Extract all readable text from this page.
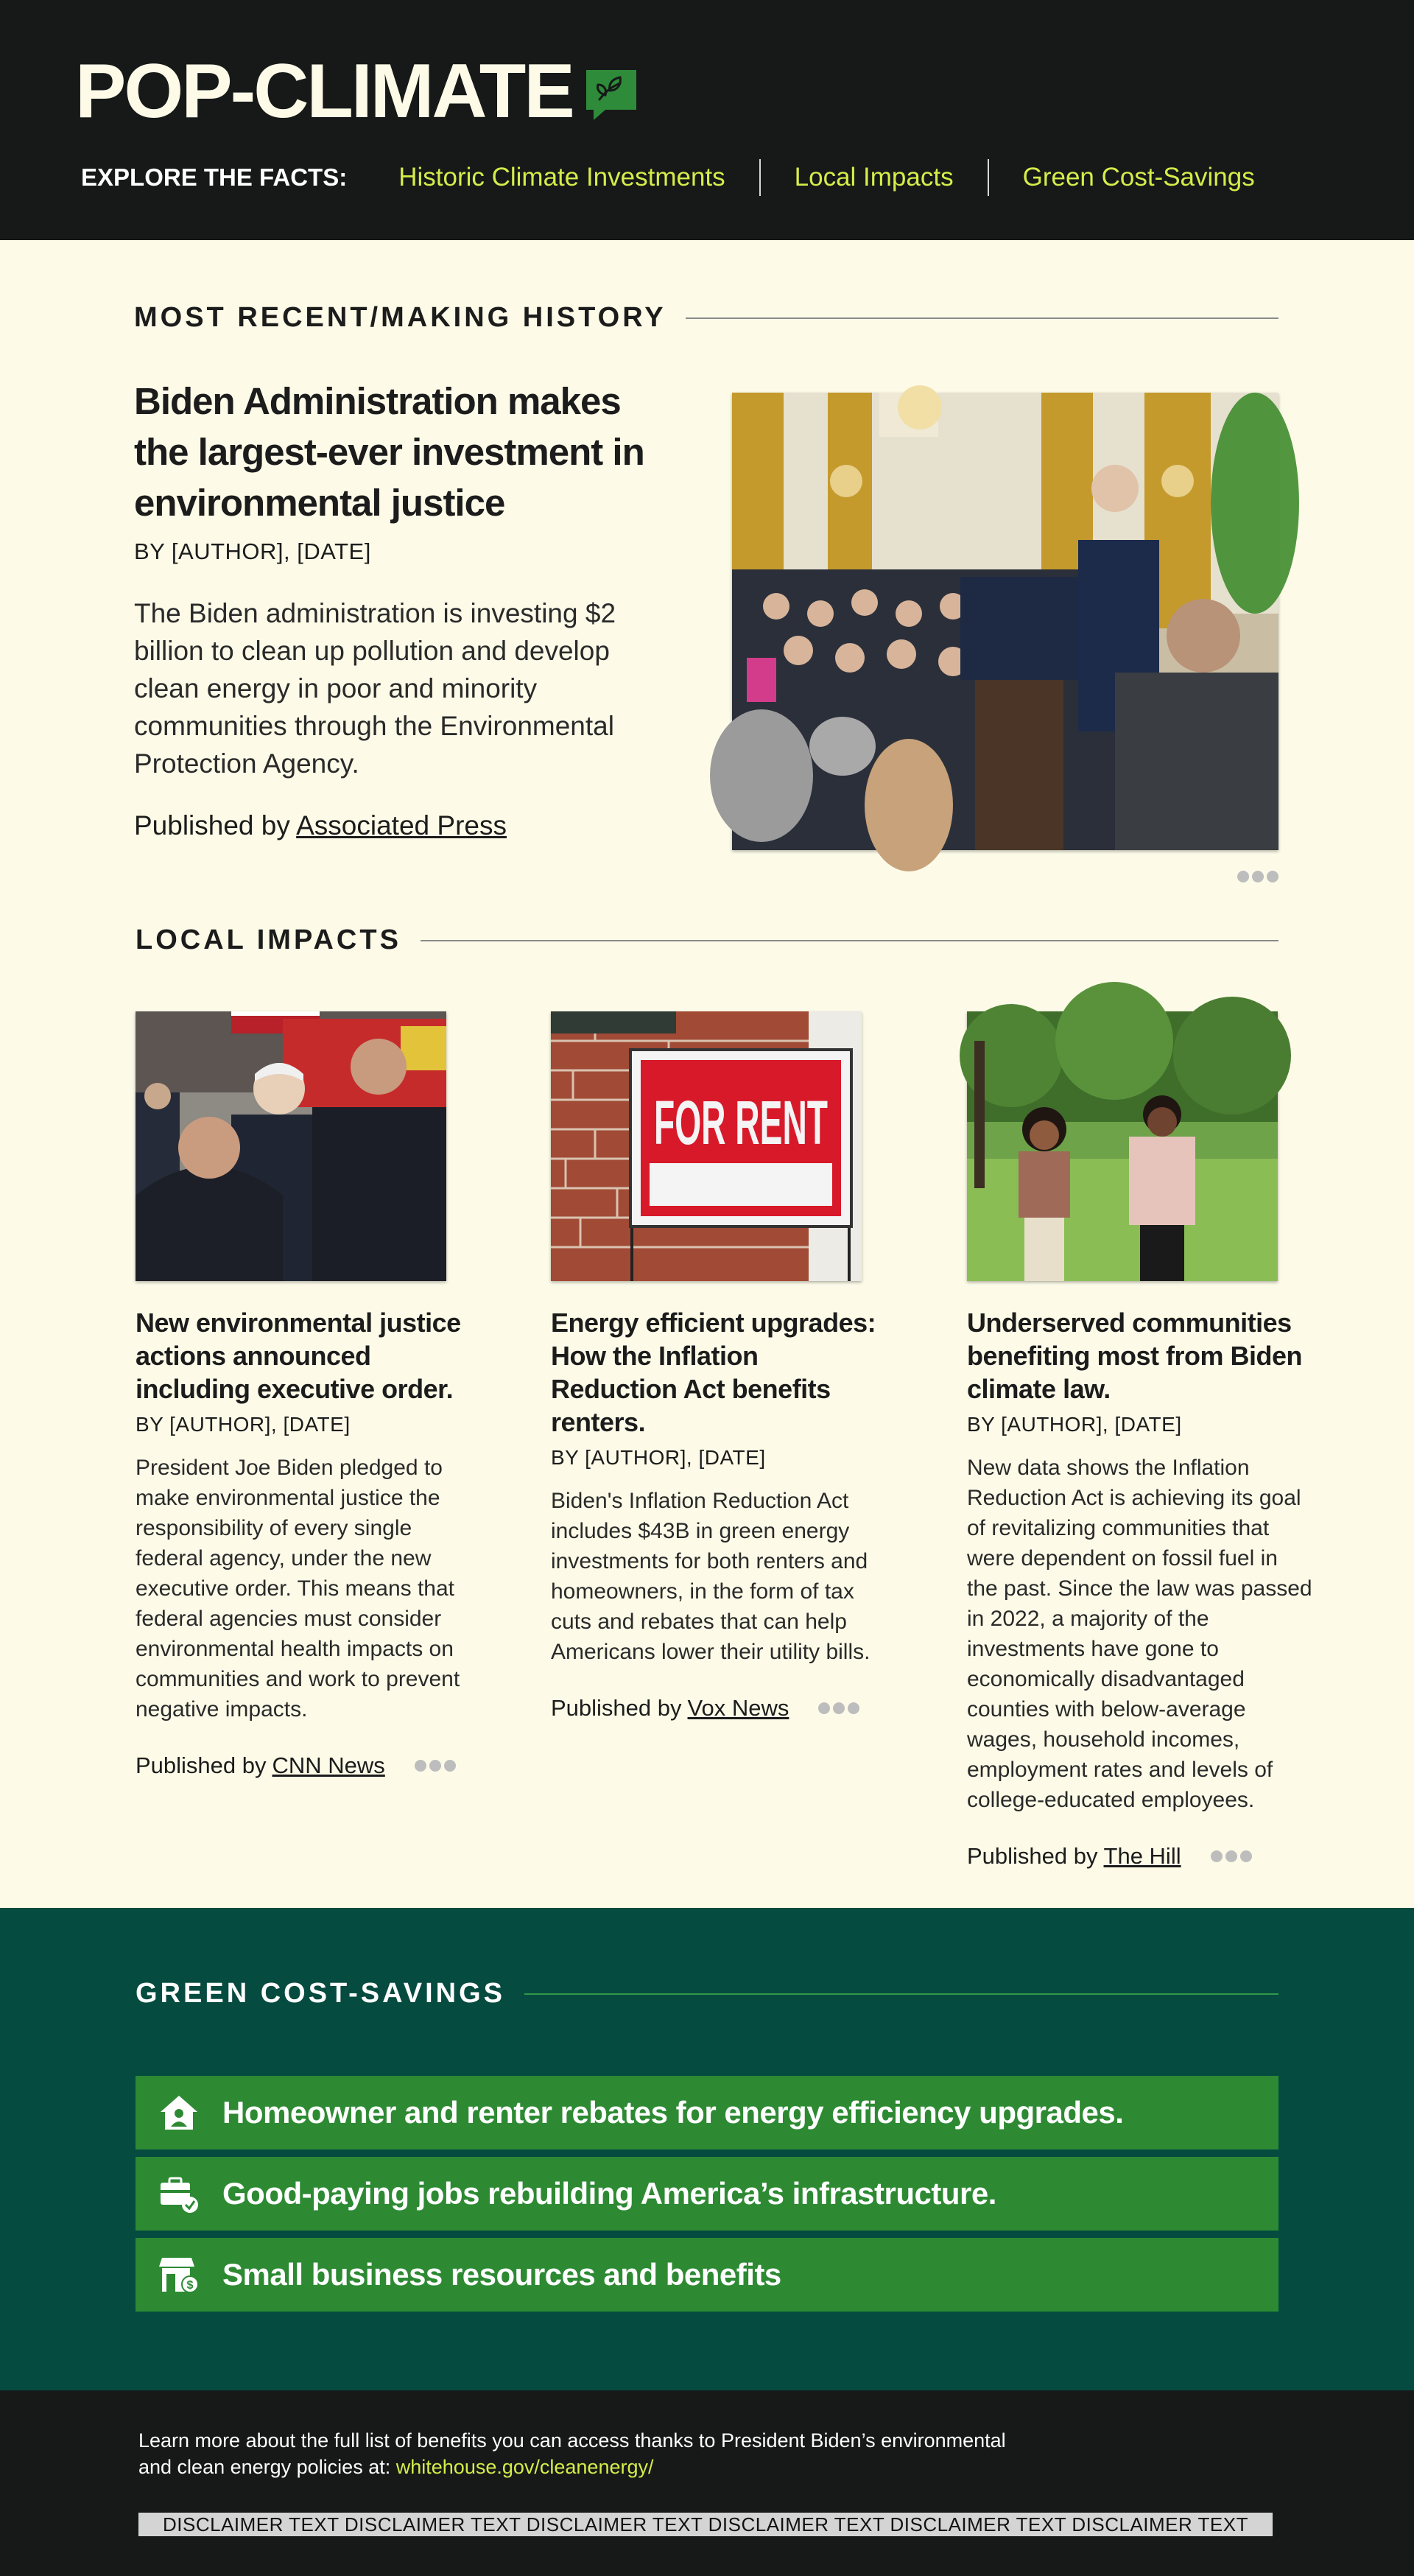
POP-CLIMATE
EXPLORE THE FACTS: Historic Climate Investments	Local Impacts	Green Cost-Savings
MOST RECENT/MAKING HISTORY
Biden Administration makes the largest-ever investment in environmental justice
BY [AUTHOR], [DATE]

The Biden administration is investing $2 billion to clean up pollution and develop clean energy in poor and minority communities through the Environmental Protection Agency.

Published by Associated Press
LOCAL IMPACTS
New environmental justice actions announced including executive order.
BY [AUTHOR], [DATE]

President Joe Biden pledged to make environmental justice the responsibility of every single federal agency, under the new executive order. This means that federal agencies must consider environmental health impacts on communities and work to prevent negative impacts.

Published by CNN News
FOR RENT
Energy efficient upgrades: How the Inflation Reduction Act benefits renters.
BY [AUTHOR], [DATE]

Biden's Inflation Reduction Act includes $43B in green energy investments for both renters and homeowners, in the form of tax cuts and rebates that can help Americans lower their utility bills.

Published by Vox News
Underserved communities benefiting most from Biden climate law.
BY [AUTHOR], [DATE]

New data shows the Inflation Reduction Act is achieving its goal of revitalizing communities that were dependent on fossil fuel in the past. Since the law was passed in 2022, a majority of the investments have gone to economically disadvantaged counties with below-average wages, household incomes, employment rates and levels of college-educated employees.

Published by The Hill
GREEN COST-SAVINGS
Homeowner and renter rebates for energy efficiency upgrades.
Good-paying jobs rebuilding America’s infrastructure.
$ Small business resources and benefits

Learn more about the full list of benefits you can access thanks to President Biden’s environmental and clean energy policies at: whitehouse.gov/cleanenergy/

DISCLAIMER TEXT DISCLAIMER TEXT DISCLAIMER TEXT DISCLAIMER TEXT DISCLAIMER TEXT DISCLAIMER TEXT
